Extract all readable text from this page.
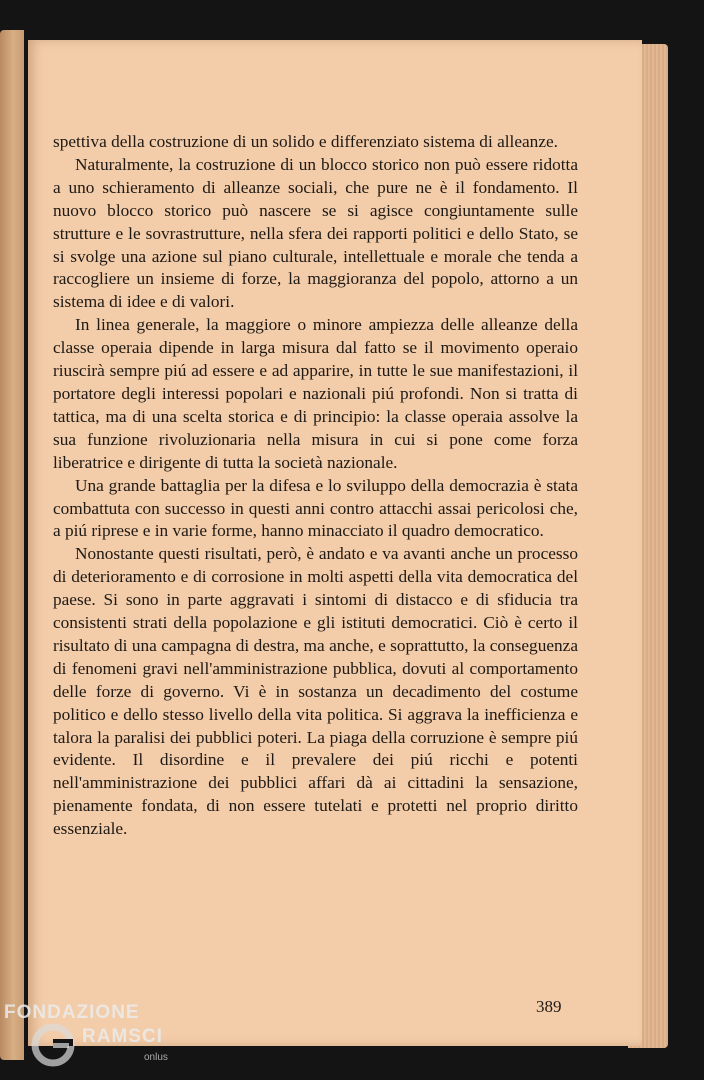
spettiva della costruzione di un solido e differenziato sistema di alleanze.

Naturalmente, la costruzione di un blocco storico non può essere ridotta a uno schieramento di alleanze sociali, che pure ne è il fondamento. Il nuovo blocco storico può nascere se si agisce congiuntamente sulle strutture e le sovrastrutture, nella sfera dei rapporti politici e dello Stato, se si svolge una azione sul piano culturale, intellettuale e morale che tenda a raccogliere un insieme di forze, la maggioranza del popolo, attorno a un sistema di idee e di valori.

In linea generale, la maggiore o minore ampiezza delle alleanze della classe operaia dipende in larga misura dal fatto se il movimento operaio riuscirà sempre piú ad essere e ad apparire, in tutte le sue manifestazioni, il portatore degli interessi popolari e nazionali piú profondi. Non si tratta di tattica, ma di una scelta storica e di principio: la classe operaia assolve la sua funzione rivoluzionaria nella misura in cui si pone come forza liberatrice e dirigente di tutta la società nazionale.

Una grande battaglia per la difesa e lo sviluppo della democrazia è stata combattuta con successo in questi anni contro attacchi assai pericolosi che, a piú riprese e in varie forme, hanno minacciato il quadro democratico.

Nonostante questi risultati, però, è andato e va avanti anche un processo di deterioramento e di corrosione in molti aspetti della vita democratica del paese. Si sono in parte aggravati i sintomi di distacco e di sfiducia tra consistenti strati della popolazione e gli istituti democratici. Ciò è certo il risultato di una campagna di destra, ma anche, e soprattutto, la conseguenza di fenomeni gravi nell'amministrazione pubblica, dovuti al comportamento delle forze di governo. Vi è in sostanza un decadimento del costume politico e dello stesso livello della vita politica. Si aggrava la inefficienza e talora la paralisi dei pubblici poteri. La piaga della corruzione è sempre piú evidente. Il disordine e il prevalere dei piú ricchi e potenti nell'amministrazione dei pubblici affari dà ai cittadini la sensazione, pienamente fondata, di non essere tutelati e protetti nel proprio diritto essenziale.

389
FONDAZIONE
RAMSCI
onlus
